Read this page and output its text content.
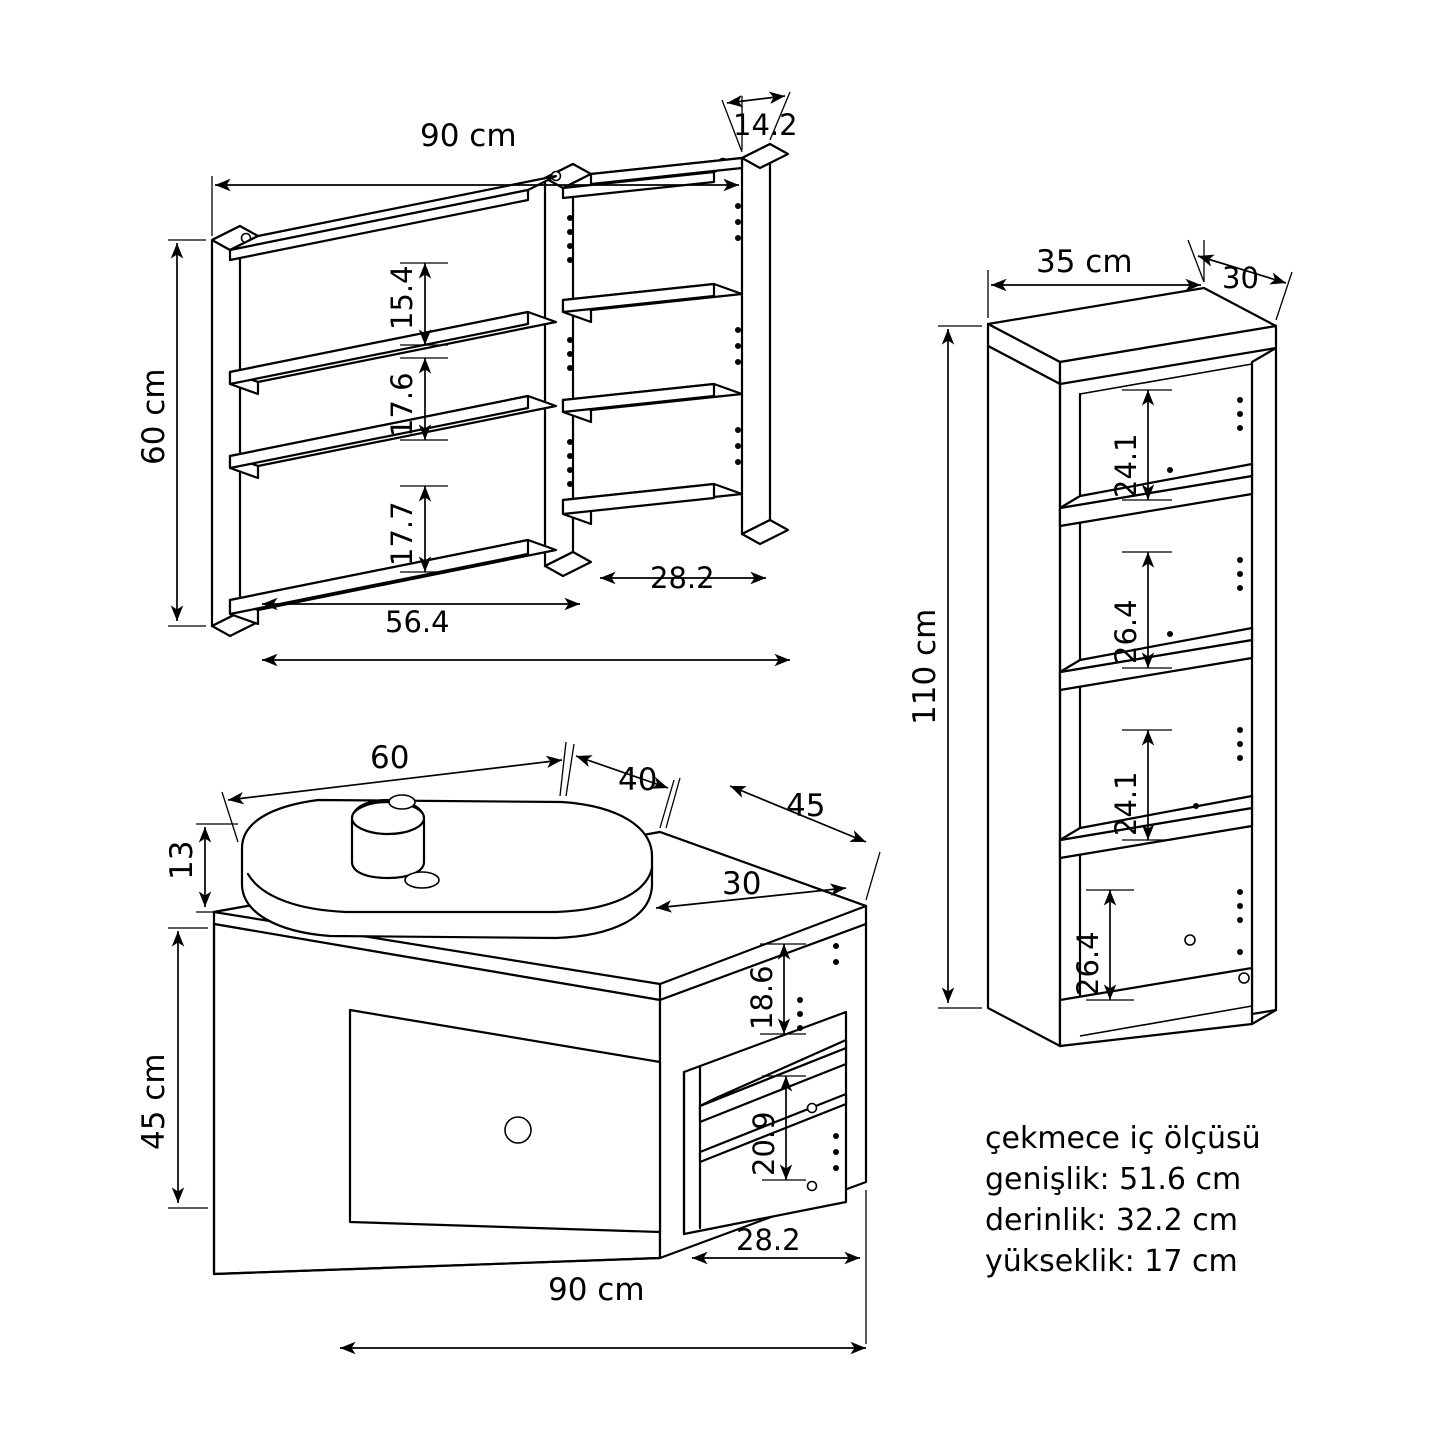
90 cm	14.2
60 cm
15.4
17.6
17.7
56.4
28.2
35 cm	30
110 cm
24.1
26.4
24.1
26.4
60
40
13
45
30
45 cm
18.6
20.9
28.2
90 cm
çekmece iç ölçüsü
genişlik: 51.6 cm
derinlik: 32.2 cm
yükseklik: 17 cm
